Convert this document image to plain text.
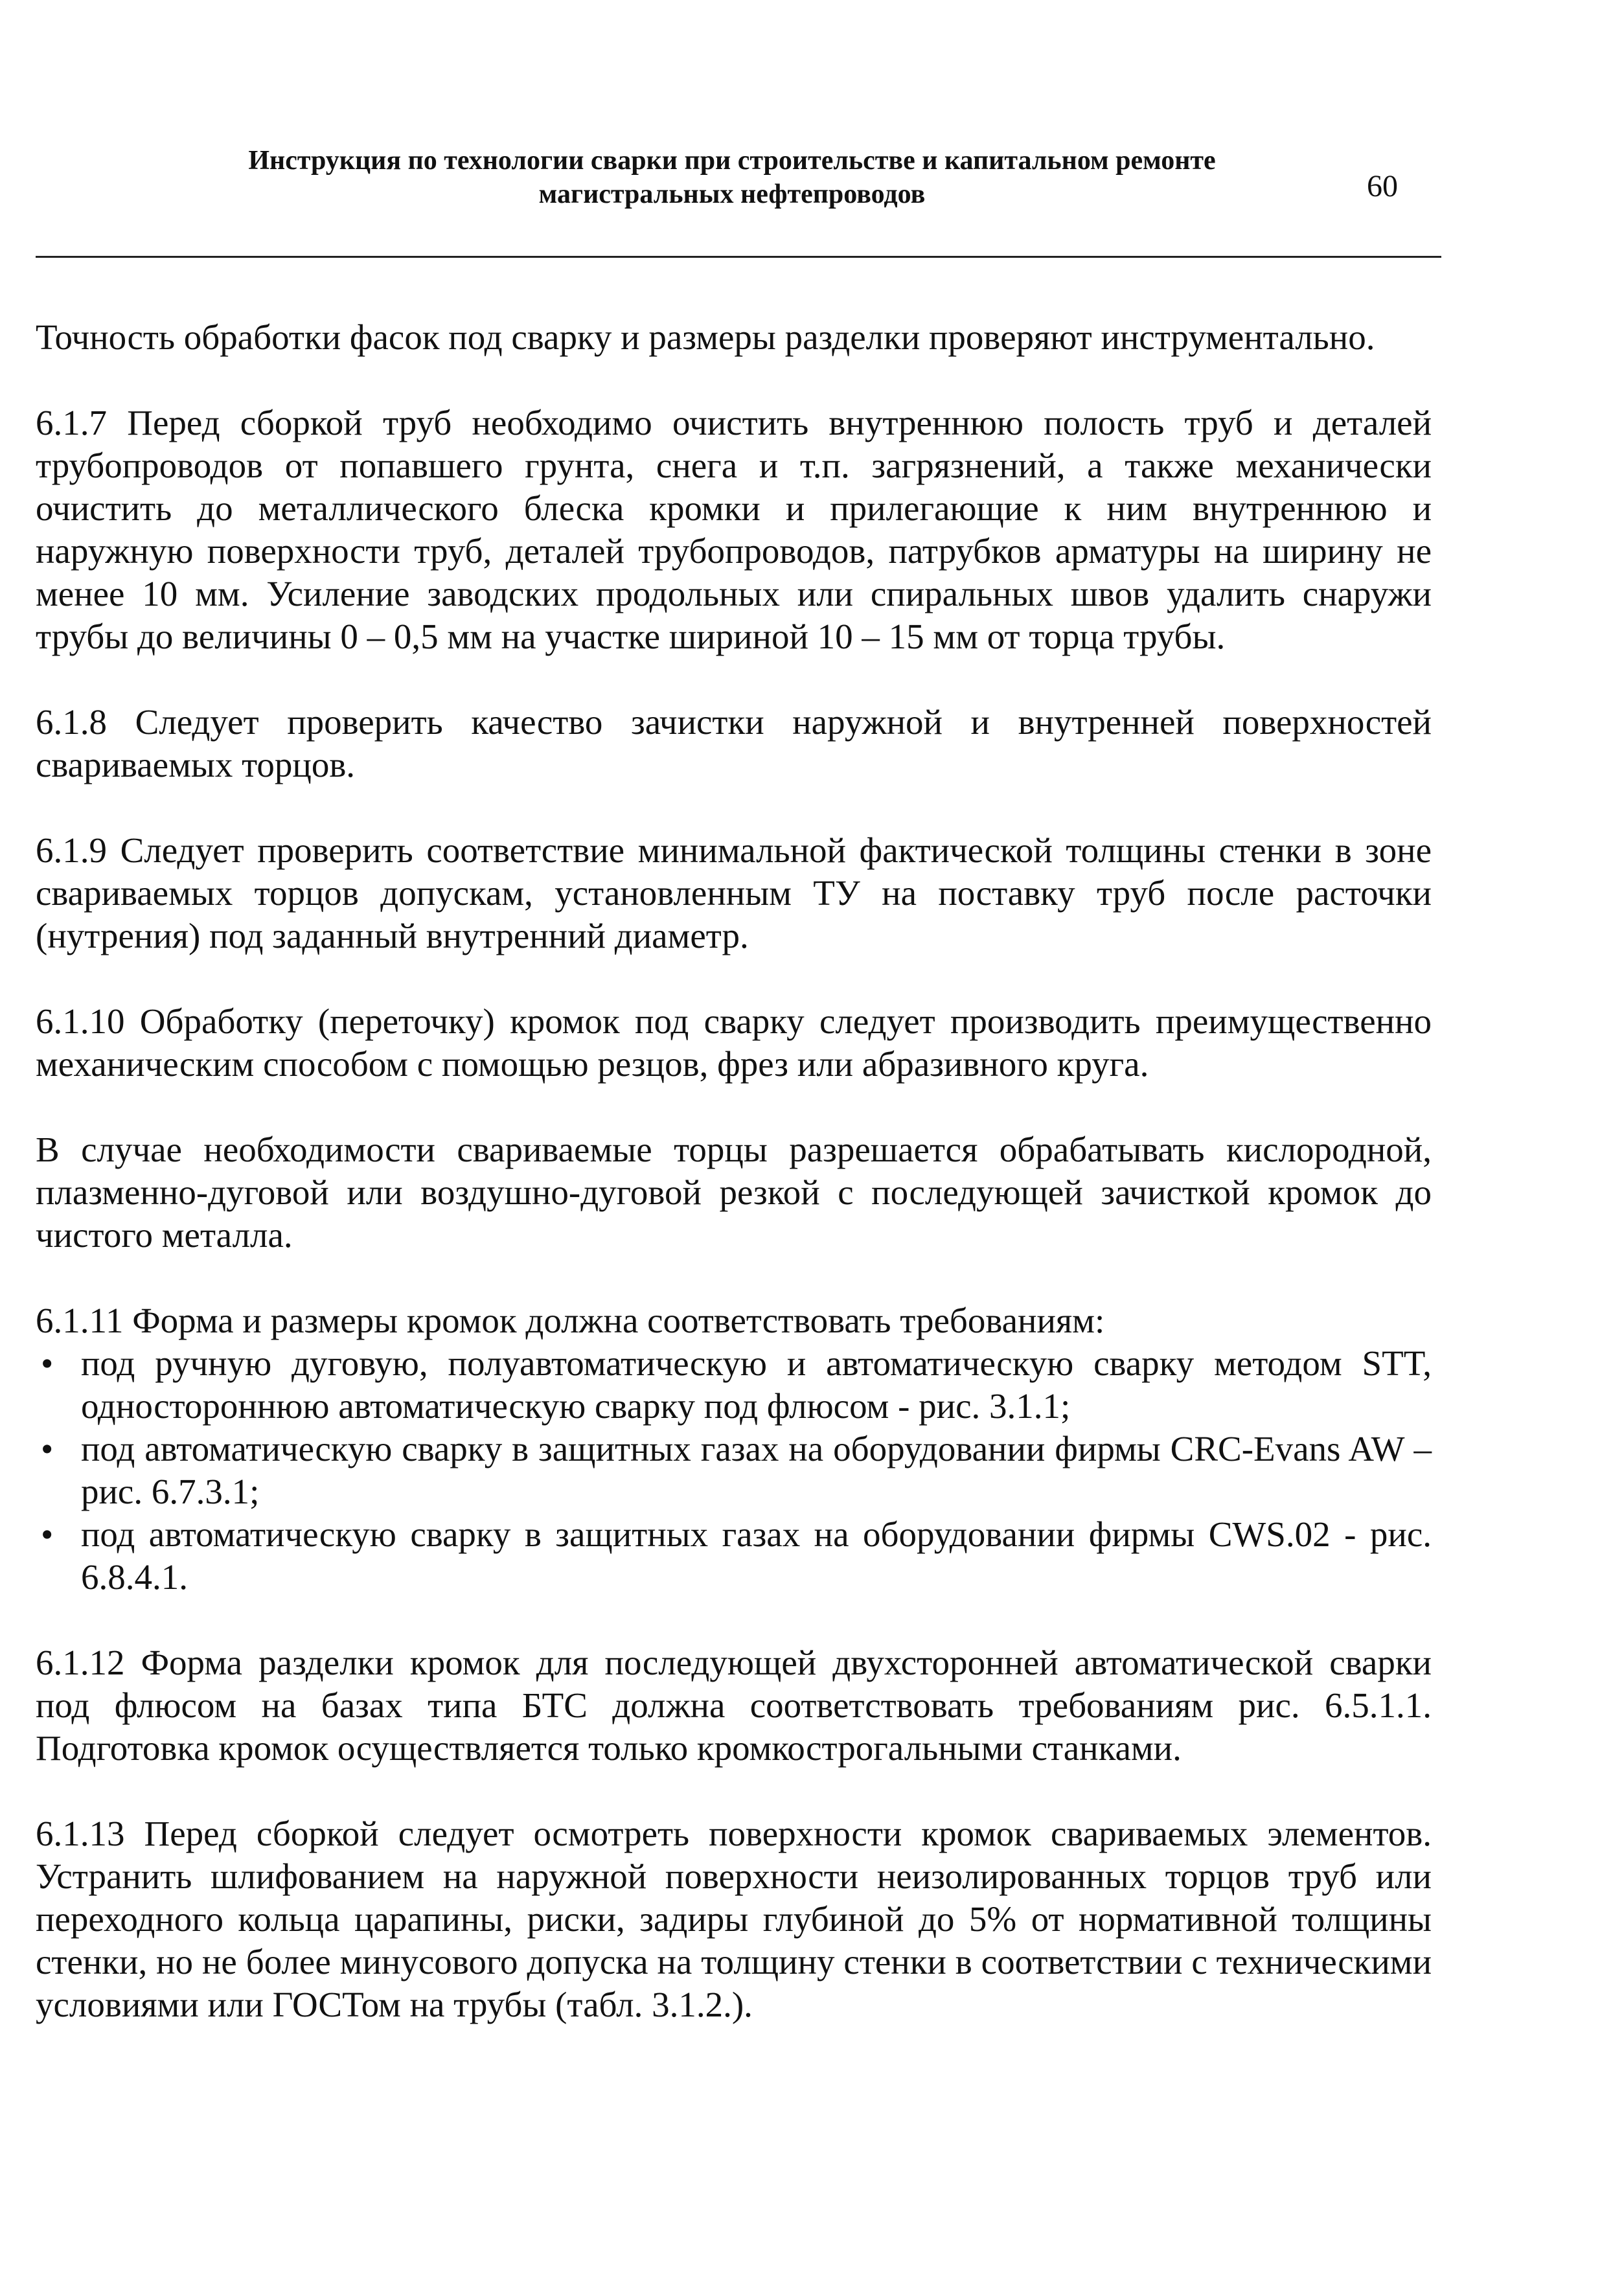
Инструкция по технологии сварки при строительстве и капитальном ремонте
магистральных нефтепроводов	60

Точность обработки фасок под сварку и размеры разделки проверяют инструментально.

6.1.7 Перед сборкой труб необходимо очистить внутреннюю полость труб и деталей трубопроводов от попавшего грунта, снега и т.п. загрязнений, а также механически очистить до металлического блеска кромки и прилегающие к ним внутреннюю и наружную поверхности труб, деталей трубопроводов, патрубков арматуры на ширину не менее 10 мм. Усиление заводских продольных или спиральных швов удалить снаружи трубы до величины 0 – 0,5 мм на участке шириной 10 – 15 мм от торца трубы.

6.1.8 Следует проверить качество зачистки наружной и внутренней поверхностей свариваемых торцов.

6.1.9 Следует проверить соответствие минимальной фактической толщины стенки в зоне свариваемых торцов допускам, установленным ТУ на поставку труб после расточки (нутрения) под заданный внутренний диаметр.

6.1.10 Обработку (переточку) кромок под сварку следует производить преимущественно механическим способом с помощью резцов, фрез или абразивного круга.

В случае необходимости свариваемые торцы разрешается обрабатывать кислородной, плазменно-дуговой или воздушно-дуговой резкой с последующей зачисткой кромок до чистого металла.

6.1.11 Форма и размеры кромок должна соответствовать требованиям:

• под ручную дуговую, полуавтоматическую и автоматическую сварку методом STT, одностороннюю автоматическую сварку под флюсом - рис. 3.1.1;
• под автоматическую сварку в защитных газах на оборудовании фирмы CRC-Evans AW – рис. 6.7.3.1;
• под автоматическую сварку в защитных газах на оборудовании фирмы CWS.02 - рис. 6.8.4.1.

6.1.12 Форма разделки кромок для последующей двухсторонней автоматической сварки под флюсом на базах типа БТС должна соответствовать требованиям рис. 6.5.1.1. Подготовка кромок осуществляется только кромкострогальными станками.

6.1.13 Перед сборкой следует осмотреть поверхности кромок свариваемых элементов. Устранить шлифованием на наружной поверхности неизолированных торцов труб или переходного кольца царапины, риски, задиры глубиной до 5% от нормативной толщины стенки, но не более минусового допуска на толщину стенки в соответствии с техническими условиями или ГОСТом на трубы (табл. 3.1.2.).
